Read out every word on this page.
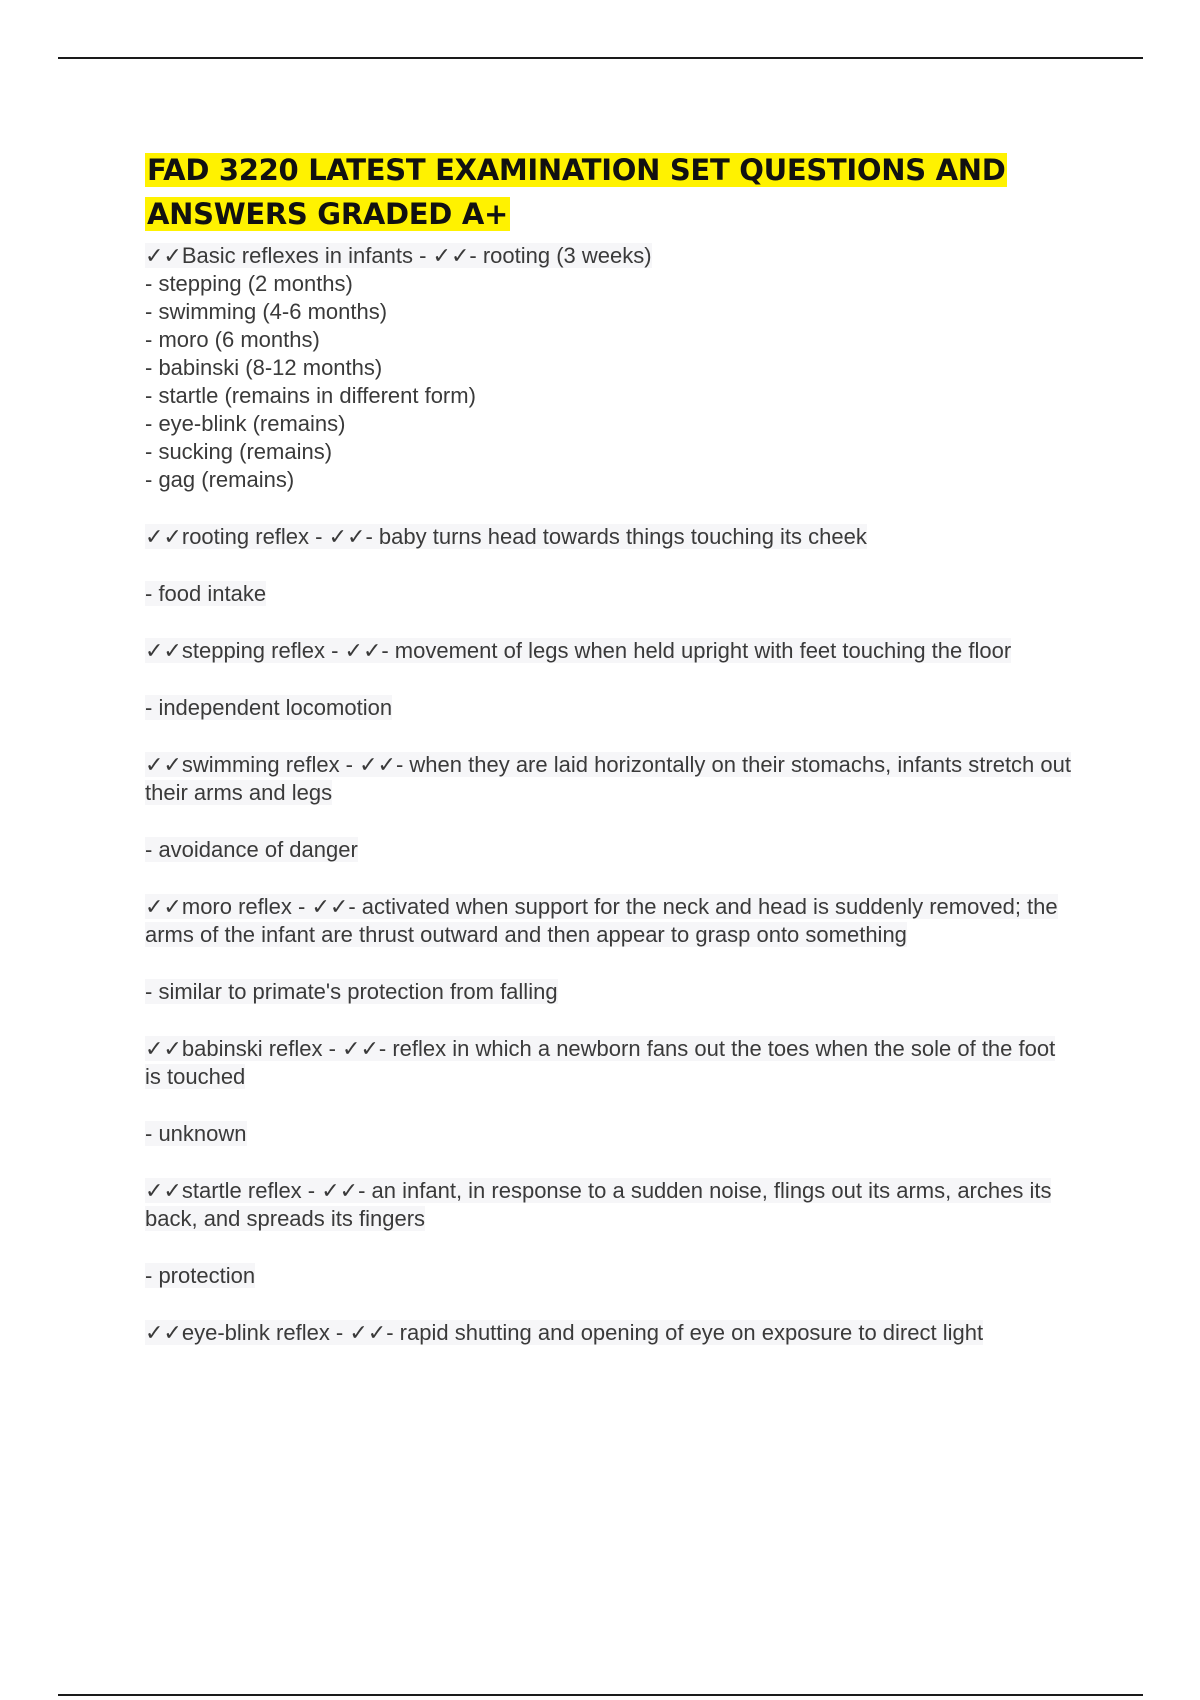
FAD 3220 LATEST EXAMINATION SET QUESTIONS AND ANSWERS GRADED A+

✓✓Basic reflexes in infants - ✓✓- rooting (3 weeks)

- stepping (2 months)

- swimming (4-6 months)

- moro (6 months)

- babinski (8-12 months)

- startle (remains in different form)

- eye-blink (remains)

- sucking (remains)

- gag (remains)

✓✓rooting reflex - ✓✓- baby turns head towards things touching its cheek

- food intake

✓✓stepping reflex - ✓✓- movement of legs when held upright with feet touching the floor

- independent locomotion

✓✓swimming reflex - ✓✓- when they are laid horizontally on their stomachs, infants stretch out their arms and legs

- avoidance of danger

✓✓moro reflex - ✓✓- activated when support for the neck and head is suddenly removed; the arms of the infant are thrust outward and then appear to grasp onto something

- similar to primate's protection from falling

✓✓babinski reflex - ✓✓- reflex in which a newborn fans out the toes when the sole of the foot is touched

- unknown

✓✓startle reflex - ✓✓- an infant, in response to a sudden noise, flings out its arms, arches its back, and spreads its fingers

- protection

✓✓eye-blink reflex - ✓✓- rapid shutting and opening of eye on exposure to direct light
